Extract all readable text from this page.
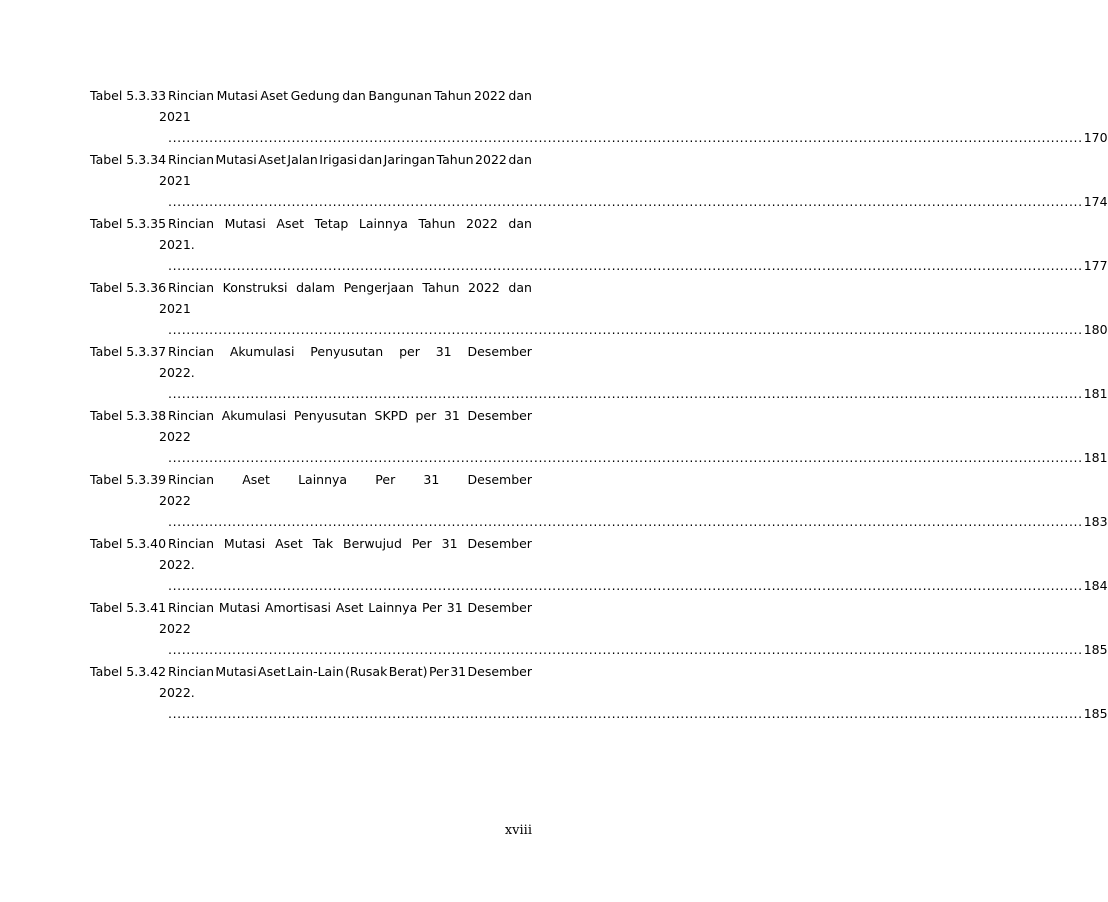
Tabel 5.3.33 Rincian Mutasi Aset Gedung dan Bangunan Tahun 2022 dan
2021
........................................................................................................................................................................................................ 170
Tabel 5.3.34 Rincian Mutasi Aset Jalan Irigasi dan Jaringan Tahun 2022 dan
2021
........................................................................................................................................................................................................ 174
Tabel 5.3.35 Rincian Mutasi Aset Tetap Lainnya Tahun 2022 dan
2021.
........................................................................................................................................................................................................ 177
Tabel 5.3.36 Rincian Konstruksi dalam Pengerjaan Tahun 2022 dan
2021
........................................................................................................................................................................................................ 180
Tabel 5.3.37 Rincian Akumulasi Penyusutan per 31 Desember
2022.
........................................................................................................................................................................................................ 181
Tabel 5.3.38 Rincian Akumulasi Penyusutan SKPD per 31 Desember
2022
........................................................................................................................................................................................................ 181
Tabel 5.3.39 Rincian Aset Lainnya Per 31 Desember
2022
........................................................................................................................................................................................................ 183
Tabel 5.3.40 Rincian Mutasi Aset Tak Berwujud Per 31 Desember
2022.
........................................................................................................................................................................................................ 184
Tabel 5.3.41 Rincian Mutasi Amortisasi Aset Lainnya Per 31 Desember
2022
........................................................................................................................................................................................................ 185
Tabel 5.3.42 Rincian Mutasi Aset Lain-Lain (Rusak Berat) Per 31 Desember
2022.
........................................................................................................................................................................................................ 185
xviii
